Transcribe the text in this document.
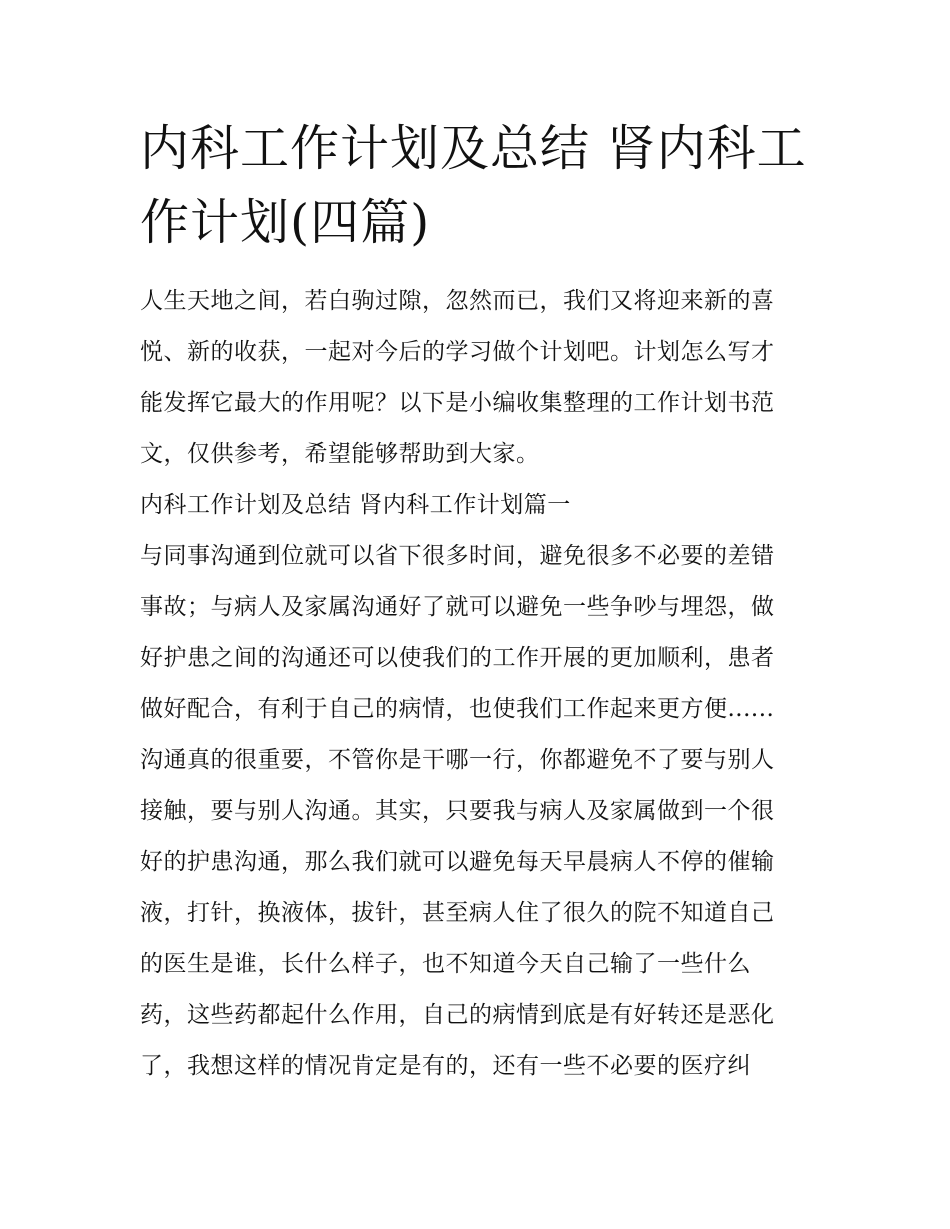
内科工作计划及总结 肾内科工
作计划(四篇)
人生天地之间，若白驹过隙，忽然而已，我们又将迎来新的喜
悦、新的收获，一起对今后的学习做个计划吧。计划怎么写才
能发挥它最大的作用呢？以下是小编收集整理的工作计划书范
文，仅供参考，希望能够帮助到大家。
内科工作计划及总结 肾内科工作计划篇一
与同事沟通到位就可以省下很多时间，避免很多不必要的差错
事故；与病人及家属沟通好了就可以避免一些争吵与埋怨，做
好护患之间的沟通还可以使我们的工作开展的更加顺利，患者
做好配合，有利于自己的病情，也使我们工作起来更方便......
沟通真的很重要，不管你是干哪一行，你都避免不了要与别人
接触，要与别人沟通。其实，只要我与病人及家属做到一个很
好的护患沟通，那么我们就可以避免每天早晨病人不停的催输
液，打针，换液体，拔针，甚至病人住了很久的院不知道自己
的医生是谁，长什么样子，也不知道今天自己输了一些什么
药，这些药都起什么作用，自己的病情到底是有好转还是恶化
了，我想这样的情况肯定是有的，还有一些不必要的医疗纠
